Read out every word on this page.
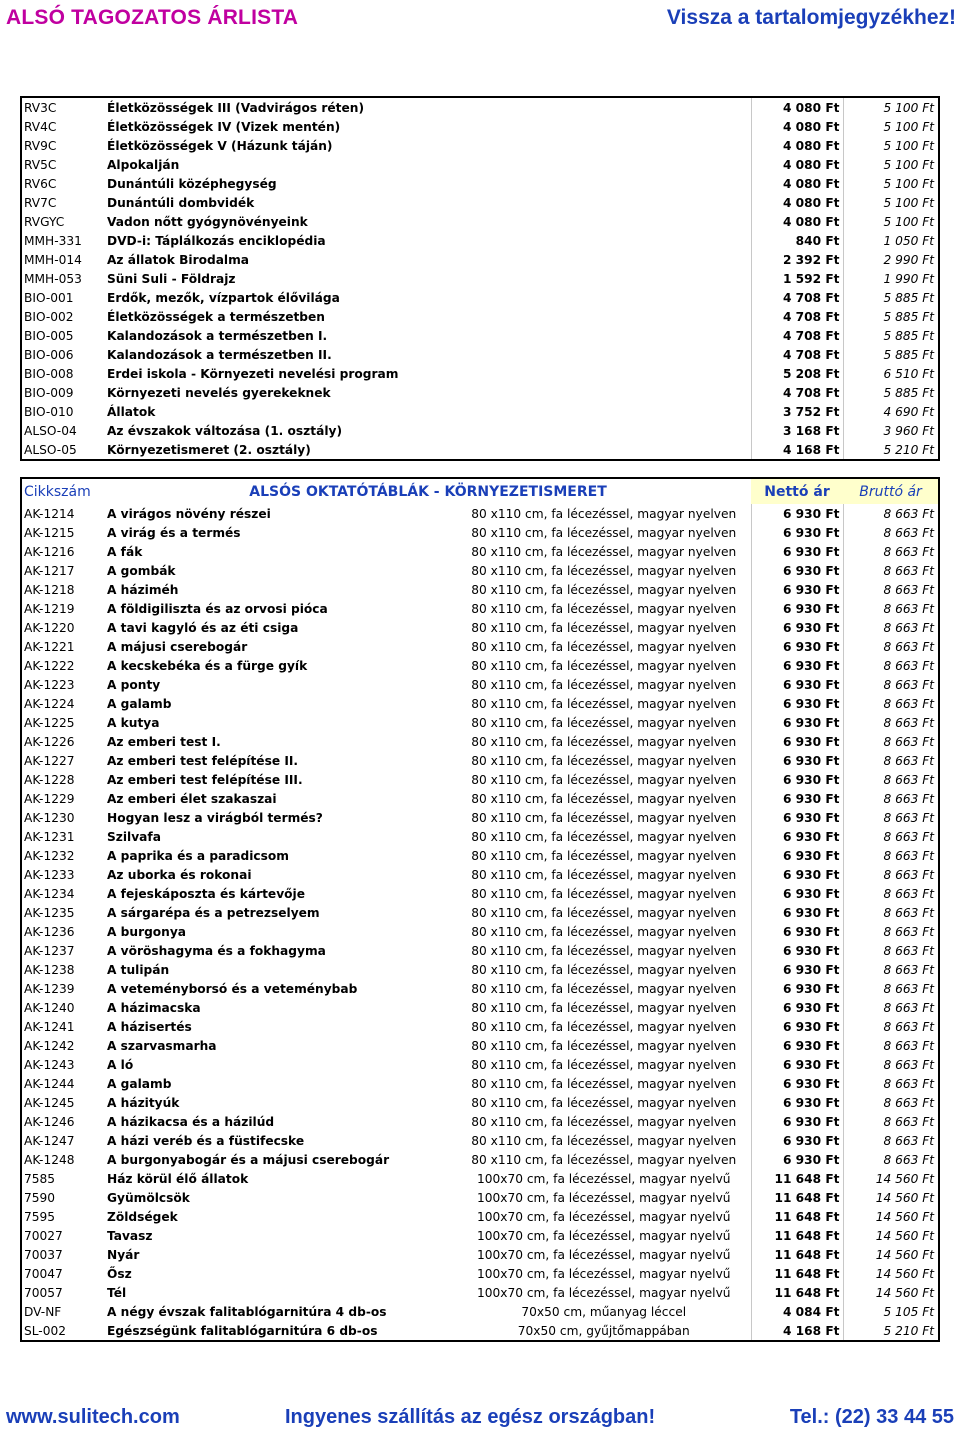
ALSÓ TAGOZATOS ÁRLISTA	Vissza a tartalomjegyzékhez!
RV3C	Életközösségek III (Vadvirágos réten)	4 080 Ft	5 100 Ft
RV4C	Életközösségek IV (Vizek mentén)	4 080 Ft	5 100 Ft
RV9C	Életközösségek V (Házunk táján)	4 080 Ft	5 100 Ft
RV5C	Alpokalján	4 080 Ft	5 100 Ft
RV6C	Dunántúli középhegység	4 080 Ft	5 100 Ft
RV7C	Dunántúli dombvidék	4 080 Ft	5 100 Ft
RVGYC	Vadon nőtt gyógynövényeink	4 080 Ft	5 100 Ft
MMH-331	DVD-i: Táplálkozás enciklopédia	840 Ft	1 050 Ft
MMH-014	Az állatok Birodalma	2 392 Ft	2 990 Ft
MMH-053	Süni Suli - Földrajz	1 592 Ft	1 990 Ft
BIO-001	Erdők, mezők, vízpartok élővilága	4 708 Ft	5 885 Ft
BIO-002	Életközösségek a természetben	4 708 Ft	5 885 Ft
BIO-005	Kalandozások a természetben I.	4 708 Ft	5 885 Ft
BIO-006	Kalandozások a természetben II.	4 708 Ft	5 885 Ft
BIO-008	Erdei iskola - Környezeti nevelési program	5 208 Ft	6 510 Ft
BIO-009	Környezeti nevelés gyerekeknek	4 708 Ft	5 885 Ft
BIO-010	Állatok	3 752 Ft	4 690 Ft
ALSO-04	Az évszakok változása (1. osztály)	3 168 Ft	3 960 Ft
ALSO-05	Környezetismeret (2. osztály)	4 168 Ft	5 210 Ft
Cikkszám	ALSÓS OKTATÓTÁBLÁK - KÖRNYEZETISMERET		Nettó ár	Bruttó ár
AK-1214	A virágos növény részei	80 x110 cm, fa lécezéssel, magyar nyelven	6 930 Ft	8 663 Ft
AK-1215	A virág és a termés	80 x110 cm, fa lécezéssel, magyar nyelven	6 930 Ft	8 663 Ft
AK-1216	A fák	80 x110 cm, fa lécezéssel, magyar nyelven	6 930 Ft	8 663 Ft
AK-1217	A gombák	80 x110 cm, fa lécezéssel, magyar nyelven	6 930 Ft	8 663 Ft
AK-1218	A háziméh	80 x110 cm, fa lécezéssel, magyar nyelven	6 930 Ft	8 663 Ft
AK-1219	A földigiliszta és az orvosi pióca	80 x110 cm, fa lécezéssel, magyar nyelven	6 930 Ft	8 663 Ft
AK-1220	A tavi kagyló és az éti csiga	80 x110 cm, fa lécezéssel, magyar nyelven	6 930 Ft	8 663 Ft
AK-1221	A májusi cserebogár	80 x110 cm, fa lécezéssel, magyar nyelven	6 930 Ft	8 663 Ft
AK-1222	A kecskebéka és a fürge gyík	80 x110 cm, fa lécezéssel, magyar nyelven	6 930 Ft	8 663 Ft
AK-1223	A ponty	80 x110 cm, fa lécezéssel, magyar nyelven	6 930 Ft	8 663 Ft
AK-1224	A galamb	80 x110 cm, fa lécezéssel, magyar nyelven	6 930 Ft	8 663 Ft
AK-1225	A kutya	80 x110 cm, fa lécezéssel, magyar nyelven	6 930 Ft	8 663 Ft
AK-1226	Az emberi test I.	80 x110 cm, fa lécezéssel, magyar nyelven	6 930 Ft	8 663 Ft
AK-1227	Az emberi test felépítése II.	80 x110 cm, fa lécezéssel, magyar nyelven	6 930 Ft	8 663 Ft
AK-1228	Az emberi test felépítése III.	80 x110 cm, fa lécezéssel, magyar nyelven	6 930 Ft	8 663 Ft
AK-1229	Az emberi élet szakaszai	80 x110 cm, fa lécezéssel, magyar nyelven	6 930 Ft	8 663 Ft
AK-1230	Hogyan lesz a virágból termés?	80 x110 cm, fa lécezéssel, magyar nyelven	6 930 Ft	8 663 Ft
AK-1231	Szilvafa	80 x110 cm, fa lécezéssel, magyar nyelven	6 930 Ft	8 663 Ft
AK-1232	A paprika és a paradicsom	80 x110 cm, fa lécezéssel, magyar nyelven	6 930 Ft	8 663 Ft
AK-1233	Az uborka és rokonai	80 x110 cm, fa lécezéssel, magyar nyelven	6 930 Ft	8 663 Ft
AK-1234	A fejeskáposzta és kártevője	80 x110 cm, fa lécezéssel, magyar nyelven	6 930 Ft	8 663 Ft
AK-1235	A sárgarépa és a petrezselyem	80 x110 cm, fa lécezéssel, magyar nyelven	6 930 Ft	8 663 Ft
AK-1236	A burgonya	80 x110 cm, fa lécezéssel, magyar nyelven	6 930 Ft	8 663 Ft
AK-1237	A vöröshagyma és a fokhagyma	80 x110 cm, fa lécezéssel, magyar nyelven	6 930 Ft	8 663 Ft
AK-1238	A tulipán	80 x110 cm, fa lécezéssel, magyar nyelven	6 930 Ft	8 663 Ft
AK-1239	A veteményborsó és a veteményba​b	80 x110 cm, fa lécezéssel, magyar nyelven	6 930 Ft	8 663 Ft
AK-1240	A házimacska	80 x110 cm, fa lécezéssel, magyar nyelven	6 930 Ft	8 663 Ft
AK-1241	A házisertés	80 x110 cm, fa lécezéssel, magyar nyelven	6 930 Ft	8 663 Ft
AK-1242	A szarvasmarha	80 x110 cm, fa lécezéssel, magyar nyelven	6 930 Ft	8 663 Ft
AK-1243	A ló	80 x110 cm, fa lécezéssel, magyar nyelven	6 930 Ft	8 663 Ft
AK-1244	A galamb	80 x110 cm, fa lécezéssel, magyar nyelven	6 930 Ft	8 663 Ft
AK-1245	A házityúk	80 x110 cm, fa lécezéssel, magyar nyelven	6 930 Ft	8 663 Ft
AK-1246	A házikacsa és a házilúd	80 x110 cm, fa lécezéssel, magyar nyelven	6 930 Ft	8 663 Ft
AK-1247	A házi veréb és a füstifecske	80 x110 cm, fa lécezéssel, magyar nyelven	6 930 Ft	8 663 Ft
AK-1248	A burgonyabogár és a májusi cserebogár	80 x110 cm, fa lécezéssel, magyar nyelven	6 930 Ft	8 663 Ft
7585	Ház körül élő állatok	100x70 cm, fa lécezéssel, magyar nyelvű	11 648 Ft	14 560 Ft
7590	Gyümölcsök	100x70 cm, fa lécezéssel, magyar nyelvű	11 648 Ft	14 560 Ft
7595	Zöldségek	100x70 cm, fa lécezéssel, magyar nyelvű	11 648 Ft	14 560 Ft
70027	Tavasz	100x70 cm, fa lécezéssel, magyar nyelvű	11 648 Ft	14 560 Ft
70037	Nyár	100x70 cm, fa lécezéssel, magyar nyelvű	11 648 Ft	14 560 Ft
70047	Ősz	100x70 cm, fa lécezéssel, magyar nyelvű	11 648 Ft	14 560 Ft
70057	Tél	100x70 cm, fa lécezéssel, magyar nyelvű	11 648 Ft	14 560 Ft
DV-NF	A négy évszak falitablógarnitúra 4 db-os	70x50 cm, műanyag léccel	4 084 Ft	5 105 Ft
SL-002	Egészségünk falitablógarnitúra 6 db-os	70x50 cm, gyűjtőmappában	4 168 Ft	5 210 Ft
www.sulitech.com	Ingyenes szállítás az egész országban!	Tel.: (22) 33 44 55
